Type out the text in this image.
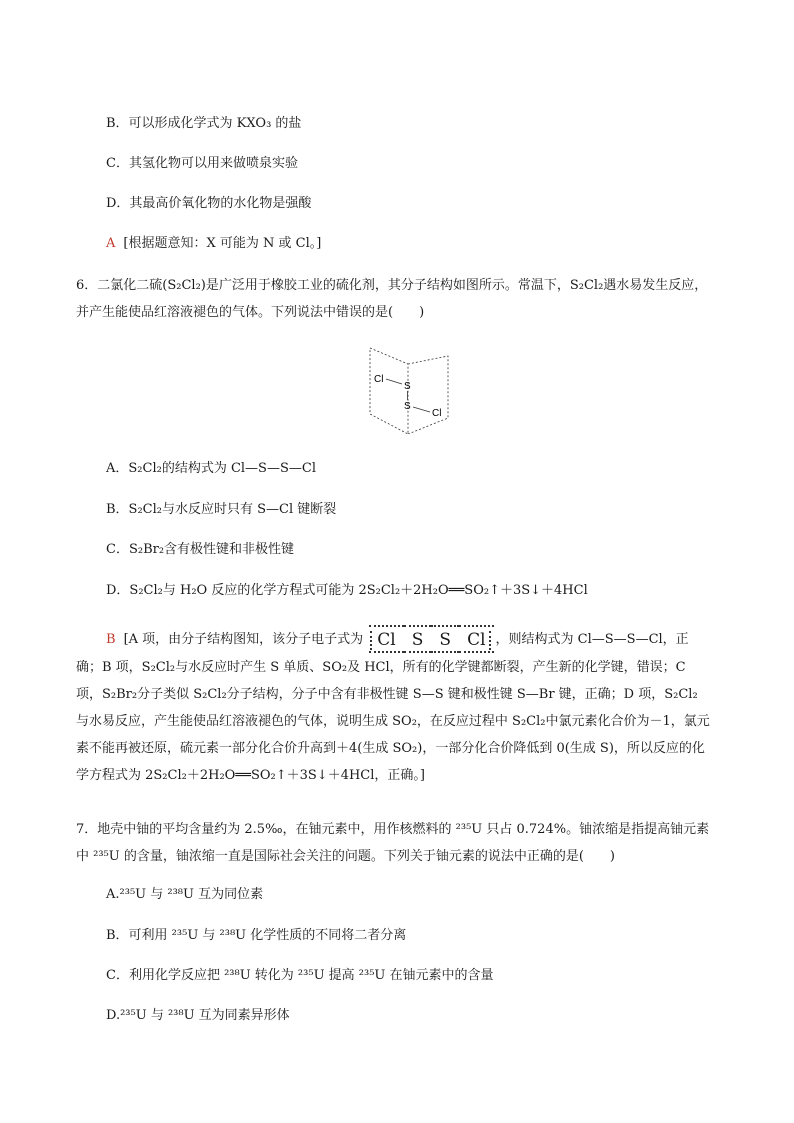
B．可以形成化学式为 KXO₃ 的盐
C．其氢化物可以用来做喷泉实验
D．其最高价氧化物的水化物是强酸
A [根据题意知：X 可能为 N 或 Cl。]
6．二氯化二硫(S₂Cl₂)是广泛用于橡胶工业的硫化剂，其分子结构如图所示。常温下，S₂Cl₂遇水易发生反应，并产生能使品红溶液褪色的气体。下列说法中错误的是(　　)
Cl
S
S
Cl
A．S₂Cl₂的结构式为 Cl—S—S—Cl
B．S₂Cl₂与水反应时只有 S—Cl 键断裂
C．S₂Br₂含有极性键和非极性键
D．S₂Cl₂与 H₂O 反应的化学方程式可能为 2S₂Cl₂＋2H₂O══SO₂↑＋3S↓＋4HCl
B [A 项，由分子结构图知，该分子电子式为 Cl S S Cl ，则结构式为 Cl—S—S—Cl，正确；B 项，S₂Cl₂与水反应时产生 S 单质、SO₂及 HCl，所有的化学键都断裂，产生新的化学键，错误；C 项，S₂Br₂分子类似 S₂Cl₂分子结构，分子中含有非极性键 S—S 键和极性键 S—Br 键，正确；D 项，S₂Cl₂与水易反应，产生能使品红溶液褪色的气体，说明生成 SO₂，在反应过程中 S₂Cl₂中氯元素化合价为－1，氯元素不能再被还原，硫元素一部分化合价升高到＋4(生成 SO₂)，一部分化合价降低到 0(生成 S)，所以反应的化学方程式为 2S₂Cl₂＋2H₂O══SO₂↑＋3S↓＋4HCl，正确。]
7．地壳中铀的平均含量约为 2.5‰，在铀元素中，用作核燃料的 ²³⁵U 只占 0.724%。铀浓缩是指提高铀元素中 ²³⁵U 的含量，铀浓缩一直是国际社会关注的问题。下列关于铀元素的说法中正确的是(　　)
A.²³⁵U 与 ²³⁸U 互为同位素
B．可利用 ²³⁵U 与 ²³⁸U 化学性质的不同将二者分离
C．利用化学反应把 ²³⁸U 转化为 ²³⁵U 提高 ²³⁵U 在铀元素中的含量
D.²³⁵U 与 ²³⁸U 互为同素异形体
